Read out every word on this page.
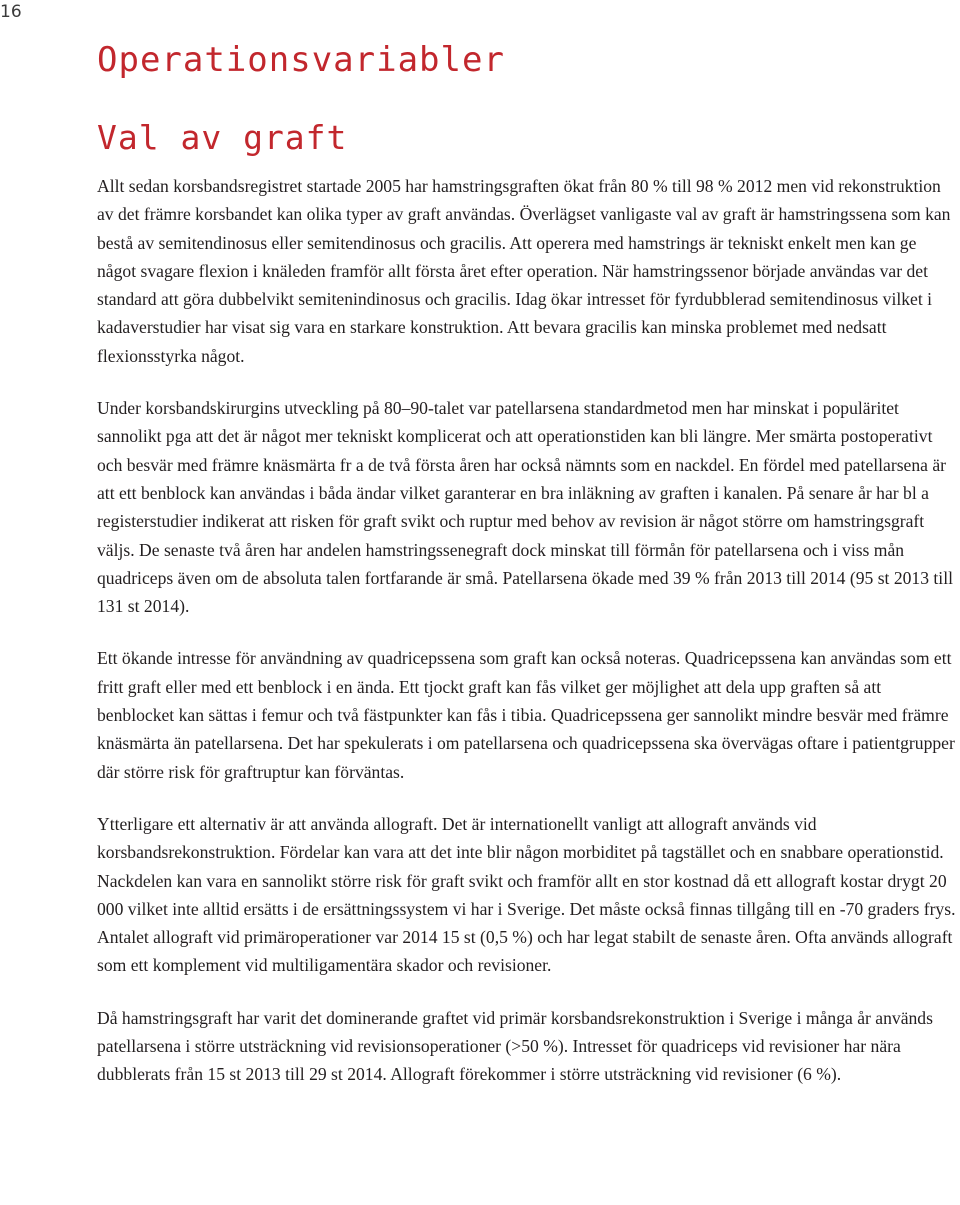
16
Operationsvariabler
Val av graft

Allt sedan korsbandsregistret startade 2005 har hamstringsgraften ökat från 80 % till 98 % 2012 men vid rekonstruktion av det främre korsbandet kan olika typer av graft användas. Överlägset vanligaste val av graft är hamstringssena som kan bestå av semitendinosus eller semitendinosus och gracilis. Att operera med hamstrings är tekniskt enkelt men kan ge något svagare flexion i knäleden framför allt första året efter operation. När hamstringssenor började användas var det standard att göra dubbelvikt semitenindinosus och gracilis. Idag ökar intresset för fyrdubblerad semitendinosus vilket i kadaverstudier har visat sig vara en starkare konstruktion. Att bevara gracilis kan minska problemet med nedsatt flexionsstyrka något.

Under korsbandskirurgins utveckling på 80–90-talet var patellarsena standardmetod men har minskat i populäritet sannolikt pga att det är något mer tekniskt komplicerat och att operationstiden kan bli längre. Mer smärta postoperativt och besvär med främre knäsmärta fr a de två första åren har också nämnts som en nackdel. En fördel med patellarsena är att ett benblock kan användas i båda ändar vilket garanterar en bra inläkning av graften i kanalen. På senare år har bl a registerstudier indikerat att risken för graft svikt och ruptur med behov av revision är något större om hamstringsgraft väljs. De senaste två åren har andelen hamstringssenegraft dock minskat till förmån för patellarsena och i viss mån quadriceps även om de absoluta talen fortfarande är små. Patellarsena ökade med 39 % från 2013 till 2014 (95 st 2013 till 131 st 2014).

Ett ökande intresse för användning av quadricepssena som graft kan också noteras. Quadricepssena kan användas som ett fritt graft eller med ett benblock i en ända. Ett tjockt graft kan fås vilket ger möjlighet att dela upp graften så att benblocket kan sättas i femur och två fästpunkter kan fås i tibia. Quadricepssena ger sannolikt mindre besvär med främre knäsmärta än patellarsena. Det har spekulerats i om patellarsena och quadricepssena ska övervägas oftare i patientgrupper där större risk för graftruptur kan förväntas.

Ytterligare ett alternativ är att använda allograft. Det är internationellt vanligt att allograft används vid korsbandsrekonstruktion. Fördelar kan vara att det inte blir någon morbiditet på tagstället och en snabbare operationstid. Nackdelen kan vara en sannolikt större risk för graft svikt och framför allt en stor kostnad då ett allograft kostar drygt 20 000 vilket inte alltid ersätts i de ersättningssystem vi har i Sverige. Det måste också finnas tillgång till en -70 graders frys. Antalet allograft vid primäroperationer var 2014 15 st (0,5 %) och har legat stabilt de senaste åren. Ofta används allograft som ett komplement vid multiligamentära skador och revisioner.

Då hamstringsgraft har varit det dominerande graftet vid primär korsbandsrekonstruktion i Sverige i många år används patellarsena i större utsträckning vid revisionsoperationer (>50 %). Intresset för quadriceps vid revisioner har nära dubblerats från 15 st 2013 till 29 st 2014. Allograft förekommer i större utsträckning vid revisioner (6 %).
